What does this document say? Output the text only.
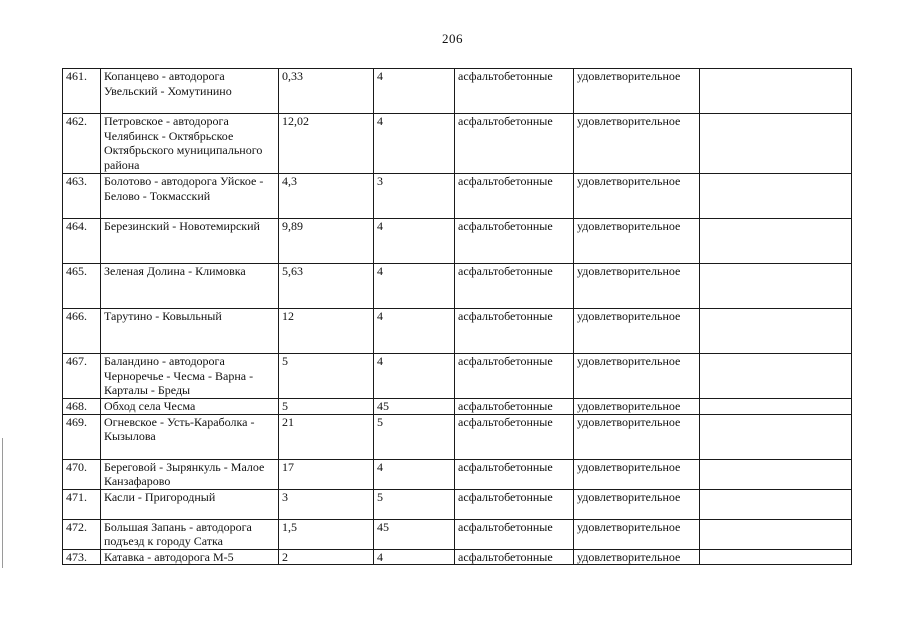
206
461.	Копанцево - автодорога Увельский - Хомутинино	0,33	4	асфальтобетонные	удовлетворительное	
462.	Петровское - автодорога Челябинск - Октябрьское Октябрьского муниципального района	12,02	4	асфальтобетонные	удовлетворительное	
463.	Болотово - автодорога Уйское - Белово - Токмасский	4,3	3	асфальтобетонные	удовлетворительное	
464.	Березинский - Новотемирский	9,89	4	асфальтобетонные	удовлетворительное	
465.	Зеленая Долина - Климовка	5,63	4	асфальтобетонные	удовлетворительное	
466.	Тарутино - Ковыльный	12	4	асфальтобетонные	удовлетворительное	
467.	Баландино - автодорога Черноречье - Чесма - Варна - Карталы - Бреды	5	4	асфальтобетонные	удовлетворительное	
468.	Обход села Чесма	5	45	асфальтобетонные	удовлетворительное	
469.	Огневское - Усть-Караболка - Кызылова	21	5	асфальтобетонные	удовлетворительное	
470.	Береговой - Зырянкуль - Малое Канзафарово	17	4	асфальтобетонные	удовлетворительное	
471.	Касли - Пригородный	3	5	асфальтобетонные	удовлетворительное	
472.	Большая Запань - автодорога подъезд к городу Сатка	1,5	45	асфальтобетонные	удовлетворительное	
473.	Катавка - автодорога М-5	2	4	асфальтобетонные	удовлетворительное	
